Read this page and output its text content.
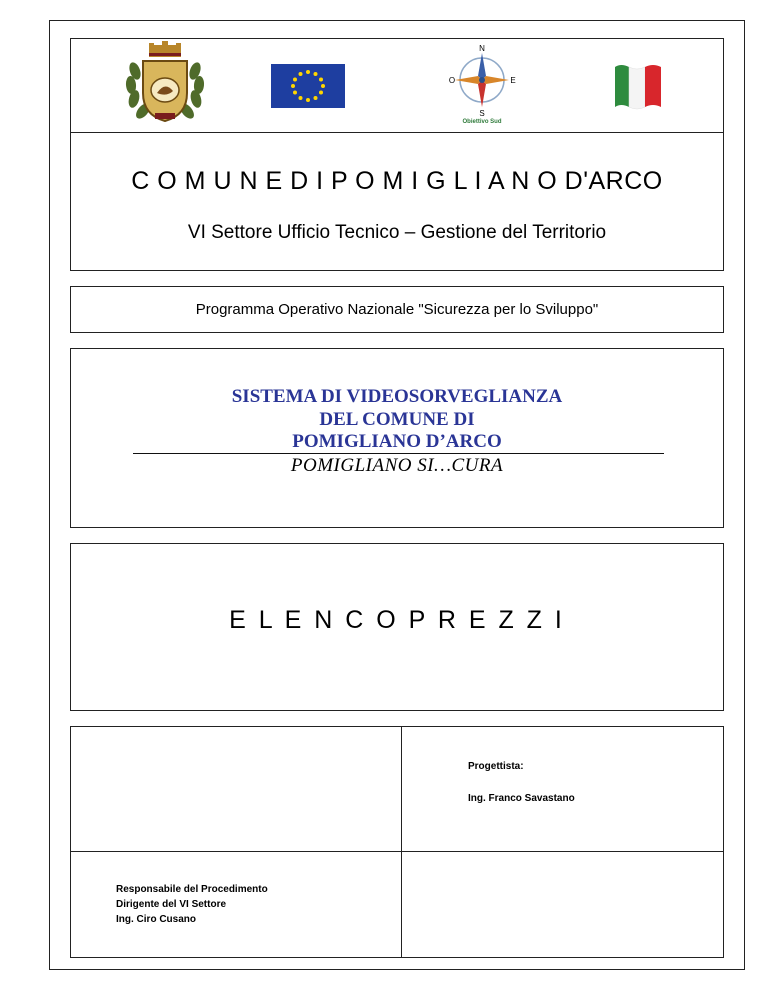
N
E
S
O
Obiettivo Sud
C O M U N E D I P O M I G L I A N O D'ARCO
VI Settore Ufficio Tecnico – Gestione del Territorio
Programma Operativo Nazionale "Sicurezza per lo Sviluppo"
SISTEMA DI VIDEOSORVEGLIANZA
DEL COMUNE DI
POMIGLIANO D’ARCO
POMIGLIANO SI…CURA
E L E N C O P R E Z Z I
Progettista:
Ing. Franco Savastano
Responsabile del Procedimento
Dirigente del VI Settore
Ing. Ciro Cusano
